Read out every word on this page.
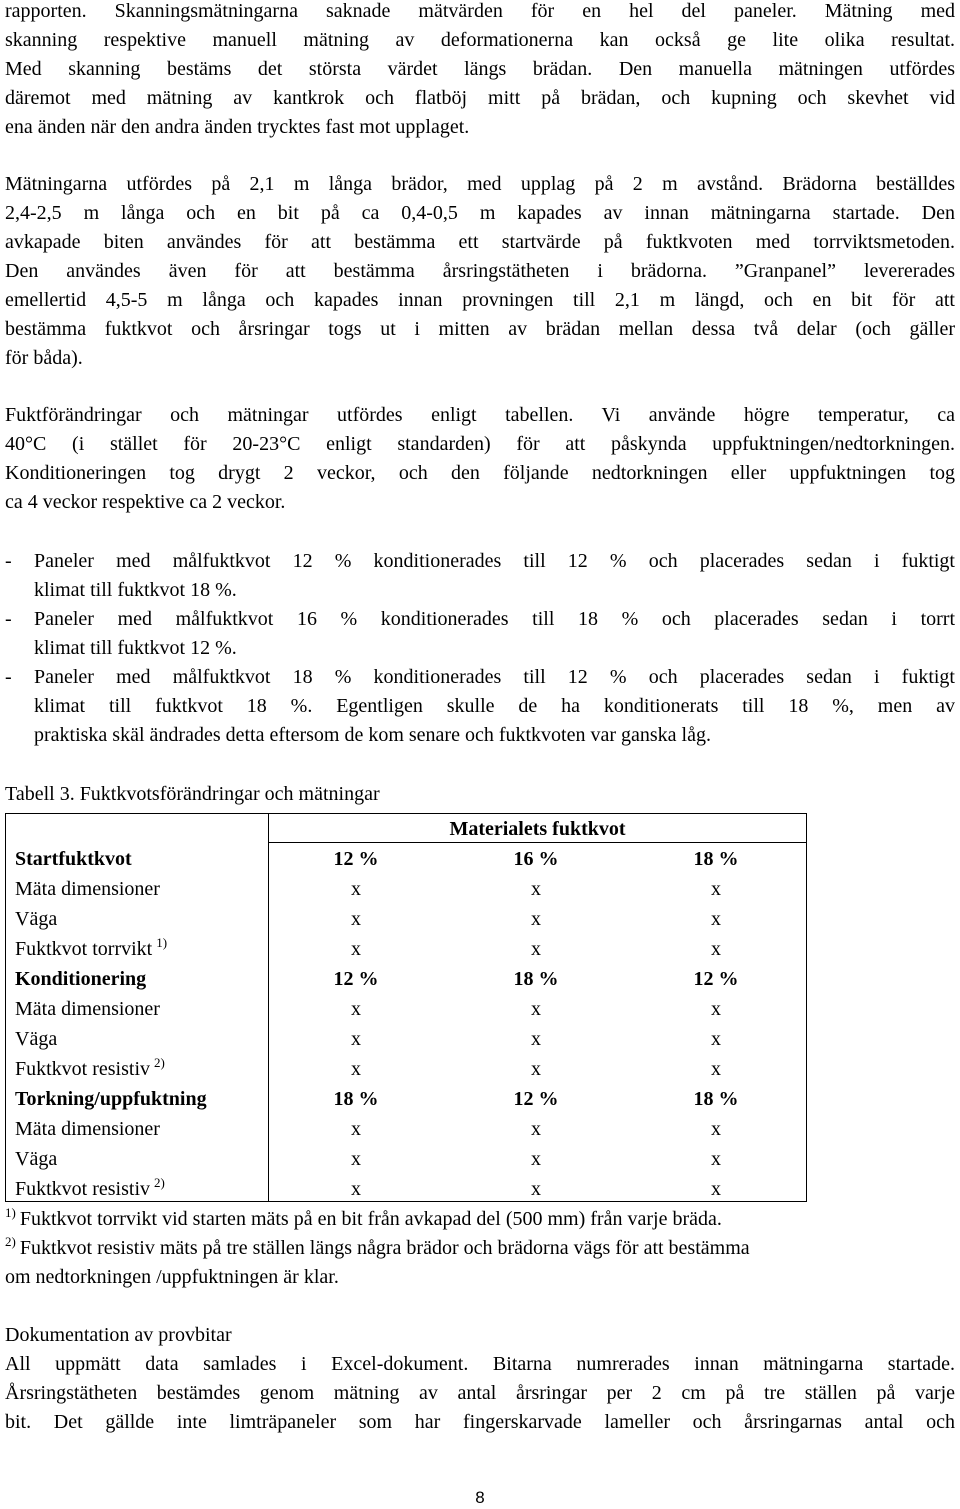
rapporten. Skanningsmätningarna saknade mätvärden för en hel del paneler. Mätning med
skanning respektive manuell mätning av deformationerna kan också ge lite olika resultat.
Med skanning bestäms det största värdet längs brädan. Den manuella mätningen utfördes
däremot med mätning av kantkrok och flatböj mitt på brädan, och kupning och skevhet vid
ena änden när den andra änden trycktes fast mot upplaget.
Mätningarna utfördes på 2,1 m långa brädor, med upplag på 2 m avstånd. Brädorna beställdes
2,4-2,5 m långa och en bit på ca 0,4-0,5 m kapades av innan mätningarna startade. Den
avkapade biten användes för att bestämma ett startvärde på fuktkvoten med torrviktsmetoden.
Den användes även för att bestämma årsringstätheten i brädorna. ”Granpanel” levererades
emellertid 4,5-5 m långa och kapades innan provningen till 2,1 m längd, och en bit för att
bestämma fuktkvot och årsringar togs ut i mitten av brädan mellan dessa två delar (och gäller
för båda).
Fuktförändringar och mätningar utfördes enligt tabellen. Vi använde högre temperatur, ca
40°C (i stället för 20-23°C enligt standarden) för att påskynda uppfuktningen/nedtorkningen.
Konditioneringen tog drygt 2 veckor, och den följande nedtorkningen eller uppfuktningen tog
ca 4 veckor respektive ca 2 veckor.
- Paneler med målfuktkvot 12 % konditionerades till 12 % och placerades sedan i fuktigt
klimat till fuktkvot 18 %.
- Paneler med målfuktkvot 16 % konditionerades till 18 % och placerades sedan i torrt
klimat till fuktkvot 12 %.
- Paneler med målfuktkvot 18 % konditionerades till 12 % och placerades sedan i fuktigt
klimat till fuktkvot 18 %. Egentligen skulle de ha konditionerats till 18 %, men av
praktiska skäl ändrades detta eftersom de kom senare och fuktkvoten var ganska låg.
Tabell 3. Fuktkvotsförändringar och mätningar
Materialets fuktkvot
Startfuktkvot	12 %	16 %	18 %
Mäta dimensioner	x	x	x
Väga	x	x	x
Fuktkvot torrvikt $^{1)}$	x	x	x
Konditionering	12 %	18 %	12 %
Mäta dimensioner	x	x	x
Väga	x	x	x
Fuktkvot resistiv $^{2)}$	x	x	x
Torkning/uppfuktning	18 %	12 %	18 %
Mäta dimensioner	x	x	x
Väga	x	x	x
Fuktkvot resistiv $^{2)}$	x	x	x
$^{1)}$ Fuktkvot torrvikt vid starten mäts på en bit från avkapad del (500 mm) från varje bräda.
$^{2)}$ Fuktkvot resistiv mäts på tre ställen längs några brädor och brädorna vägs för att bestämma
om nedtorkningen /uppfuktningen är klar.
Dokumentation av provbitar
All uppmätt data samlades i Excel-dokument. Bitarna numrerades innan mätningarna startade.
Årsringstätheten bestämdes genom mätning av antal årsringar per 2 cm på tre ställen på varje
bit. Det gällde inte limträpaneler som har fingerskarvade lameller och årsringarnas antal och
8
